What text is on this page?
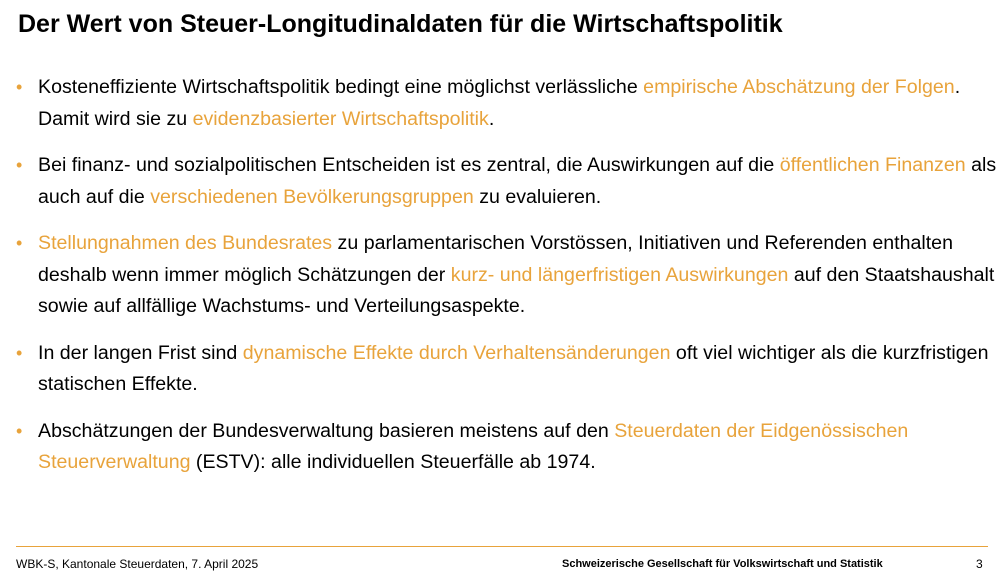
Der Wert von Steuer-Longitudinaldaten für die Wirtschaftspolitik
• Kosteneffiziente Wirtschaftspolitik bedingt eine möglichst verlässliche empirische Abschätzung der Folgen. Damit wird sie zu evidenzbasierter Wirtschaftspolitik.
• Bei finanz- und sozialpolitischen Entscheiden ist es zentral, die Auswirkungen auf die öffentlichen Finanzen als auch auf die verschiedenen Bevölkerungsgruppen zu evaluieren.
• Stellungnahmen des Bundesrates zu parlamentarischen Vorstössen, Initiativen und Referenden enthalten deshalb wenn immer möglich Schätzungen der kurz- und längerfristigen Auswirkungen auf den Staatshaushalt sowie auf allfällige Wachstums- und Verteilungsaspekte.
• In der langen Frist sind dynamische Effekte durch Verhaltensänderungen oft viel wichtiger als die kurzfristigen statischen Effekte.
• Abschätzungen der Bundesverwaltung basieren meistens auf den Steuerdaten der Eidgenössischen Steuerverwaltung (ESTV): alle individuellen Steuerfälle ab 1974.
WBK-S, Kantonale Steuerdaten, 7. April 2025	Schweizerische Gesellschaft für Volkswirtschaft und Statistik	3
